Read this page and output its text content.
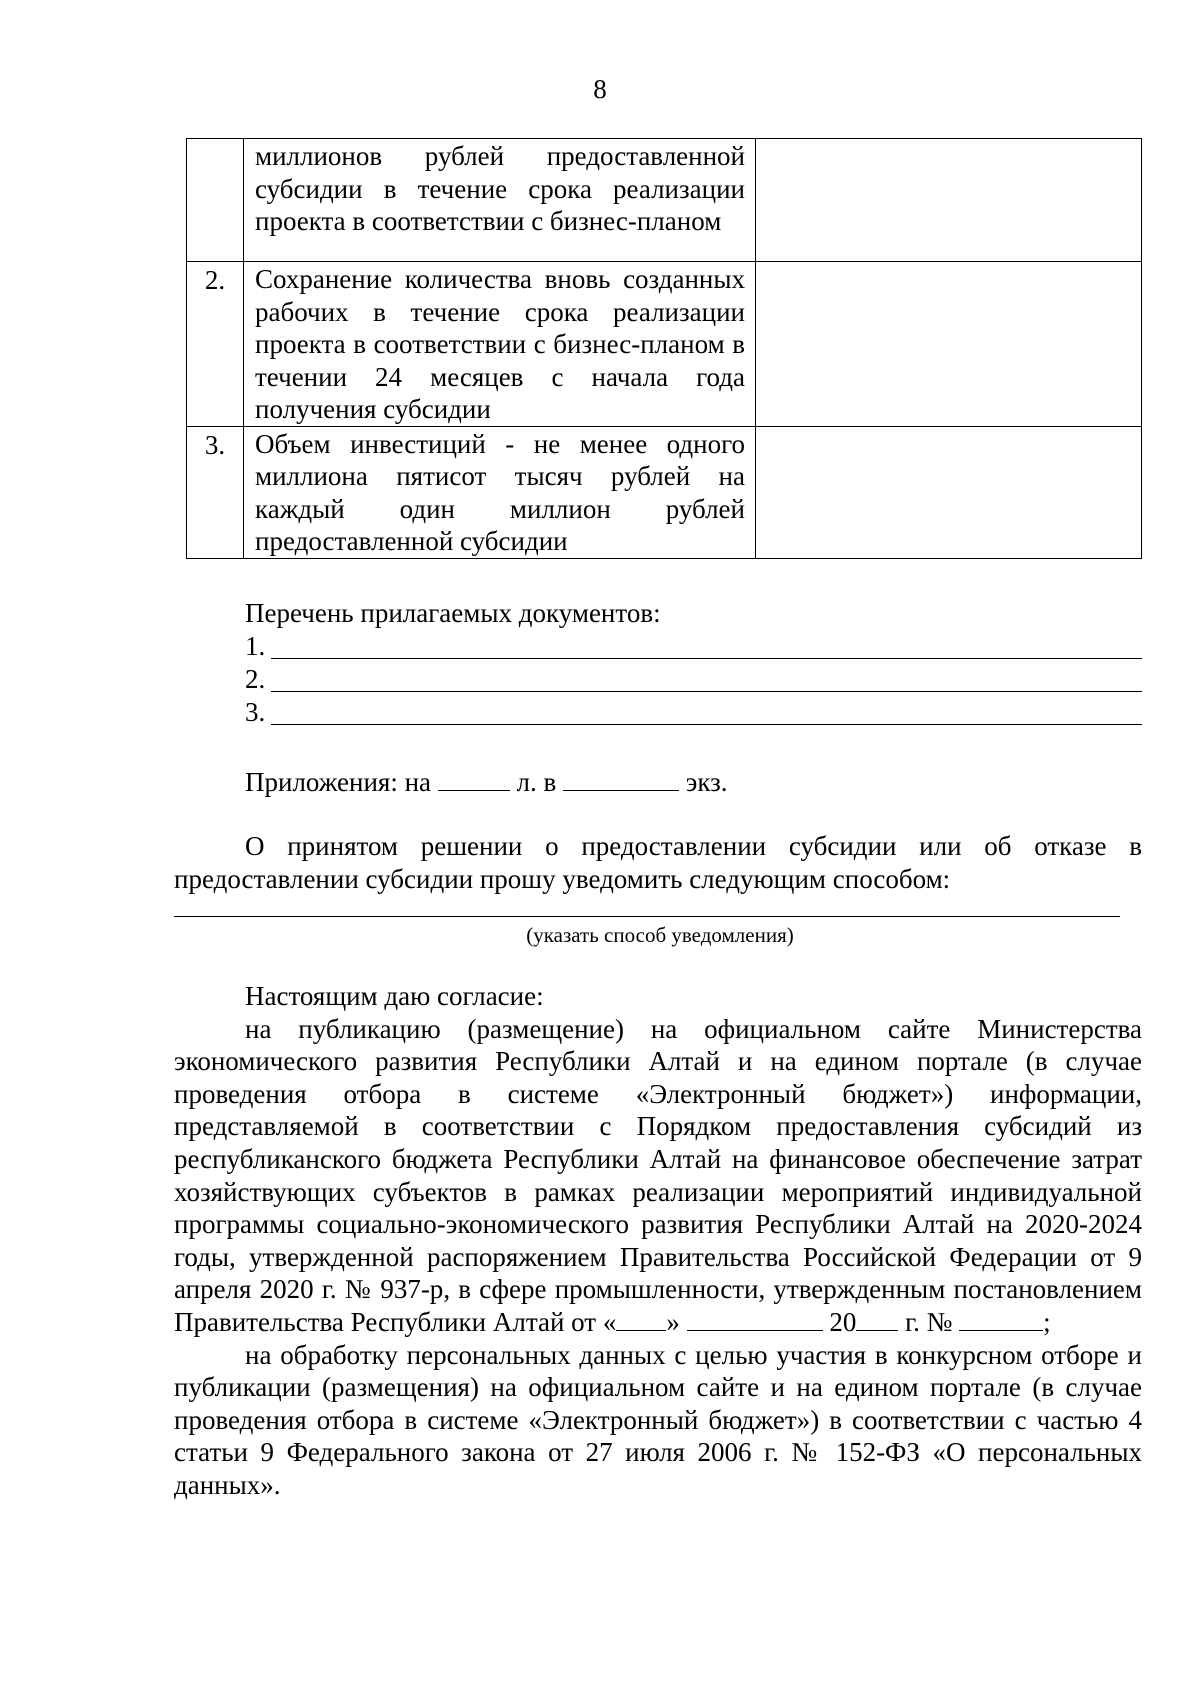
8
	миллионов рублей предоставленной субсидии в течение срока реализации проекта в соответствии с бизнес-планом	
2.	Сохранение количества вновь созданных рабочих в течение срока реализации проекта в соответствии с бизнес-планом в течении 24 месяцев с начала года получения субсидии	
3.	Объем инвестиций - не менее одного миллиона пятисот тысяч рублей на каждый один миллион рублей предоставленной субсидии	
Перечень прилагаемых документов:
1.
2.
3.
Приложения: на	л. в	экз.

О принятом решении о предоставлении субсидии или об отказе в предоставлении субсидии прошу уведомить следующим способом:

(указать способ уведомления)

Настоящим даю согласие:

на публикацию (размещение) на официальном сайте Министерства экономического развития Республики Алтай и на едином портале (в случае проведения отбора в системе «Электронный бюджет») информации, представляемой в соответствии с Порядком предоставления субсидий из республиканского бюджета Республики Алтай на финансовое обеспечение затрат хозяйствующих субъектов в рамках реализации мероприятий индивидуальной программы социально-экономического развития Республики Алтай на 2020-2024 годы, утвержденной распоряжением Правительства Российской Федерации от 9 апреля 2020 г. № 937-р, в сфере промышленности, утвержденным постановлением Правительства Республики Алтай от « »	20 г. №	;

на обработку персональных данных с целью участия в конкурсном отборе и публикации (размещения) на официальном сайте и на едином портале (в случае проведения отбора в системе «Электронный бюджет») в соответствии с частью 4 статьи 9 Федерального закона от 27 июля 2006 г. № 152-ФЗ «О персональных данных».
